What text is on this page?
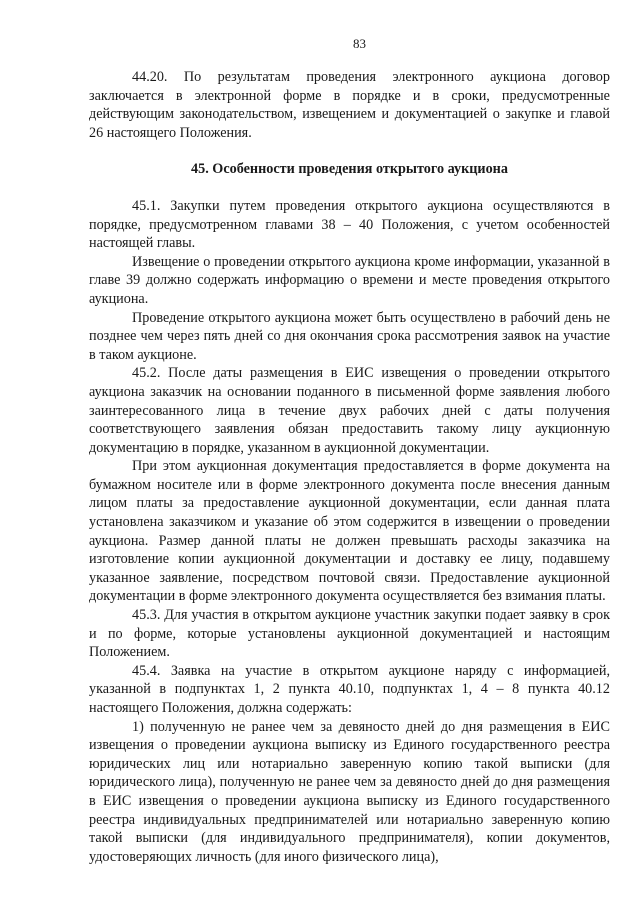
83

44.20. По результатам проведения электронного аукциона договор заключается в электронной форме в порядке и в сроки, предусмотренные действующим законодательством, извещением и документацией о закупке и главой 26 настоящего Положения.

45. Особенности проведения открытого аукциона

45.1. Закупки путем проведения открытого аукциона осуществляются в порядке, предусмотренном главами 38 – 40 Положения, с учетом особенностей настоящей главы.

Извещение о проведении открытого аукциона кроме информации, указанной в главе 39 должно содержать информацию о времени и месте проведения открытого аукциона.

Проведение открытого аукциона может быть осуществлено в рабочий день не позднее чем через пять дней со дня окончания срока рассмотрения заявок на участие в таком аукционе.

45.2. После даты размещения в ЕИС извещения о проведении открытого аукциона заказчик на основании поданного в письменной форме заявления любого заинтересованного лица в течение двух рабочих дней с даты получения соответствующего заявления обязан предоставить такому лицу аукционную документацию в порядке, указанном в аукционной документации.

При этом аукционная документация предоставляется в форме документа на бумажном носителе или в форме электронного документа после внесения данным лицом платы за предоставление аукционной документации, если данная плата установлена заказчиком и указание об этом содержится в извещении о проведении аукциона. Размер данной платы не должен превышать расходы заказчика на изготовление копии аукционной документации и доставку ее лицу, подавшему указанное заявление, посредством почтовой связи. Предоставление аукционной документации в форме электронного документа осуществляется без взимания платы.

45.3. Для участия в открытом аукционе участник закупки подает заявку в срок и по форме, которые установлены аукционной документацией и настоящим Положением.

45.4. Заявка на участие в открытом аукционе наряду с информацией, указанной в подпунктах 1, 2 пункта 40.10, подпунктах 1, 4 – 8 пункта 40.12 настоящего Положения, должна содержать:

1) полученную не ранее чем за девяносто дней до дня размещения в ЕИС извещения о проведении аукциона выписку из Единого государственного реестра юридических лиц или нотариально заверенную копию такой выписки (для юридического лица), полученную не ранее чем за девяносто дней до дня размещения в ЕИС извещения о проведении аукциона выписку из Единого государственного реестра индивидуальных предпринимателей или нотариально заверенную копию такой выписки (для индивидуального предпринимателя), копии документов, удостоверяющих личность (для иного физического лица),
